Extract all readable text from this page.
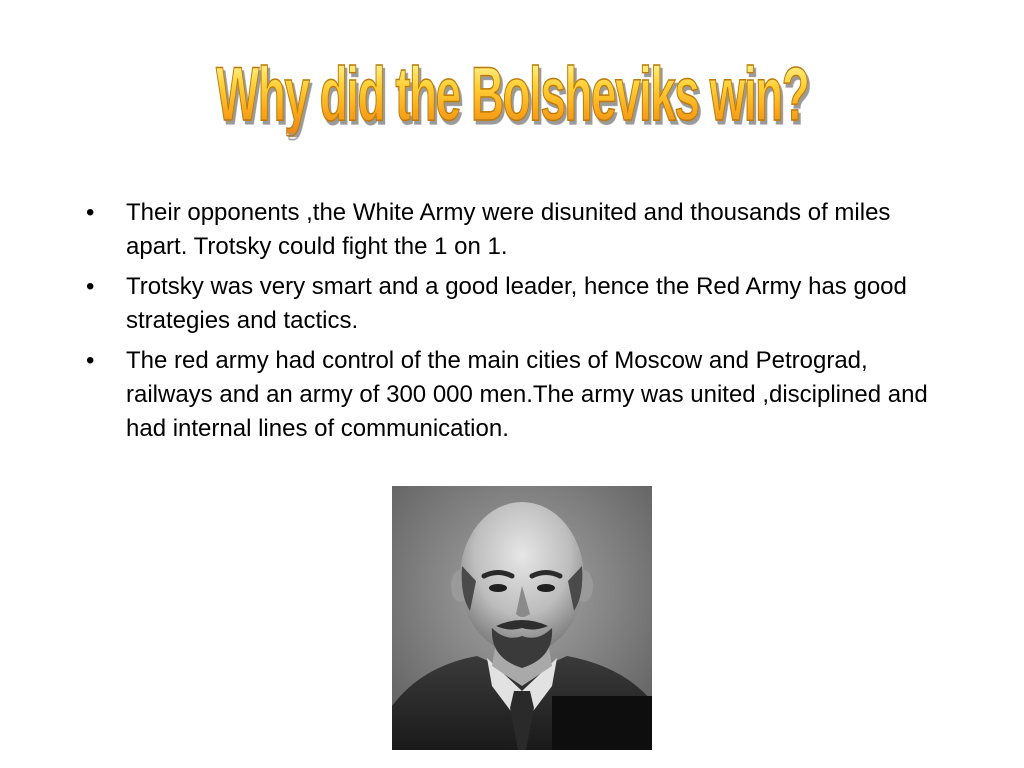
Why did the Bolsheviks win?
•	Their opponents ,the White Army were disunited and thousands of miles apart. Trotsky could fight the 1 on 1.
•	Trotsky was very smart and a good leader, hence the Red Army has good strategies and tactics.
•	The red army had control of the main cities of Moscow and Petrograd, railways and an army of 300 000 men.The army was united ,disciplined and had internal lines of communication.
